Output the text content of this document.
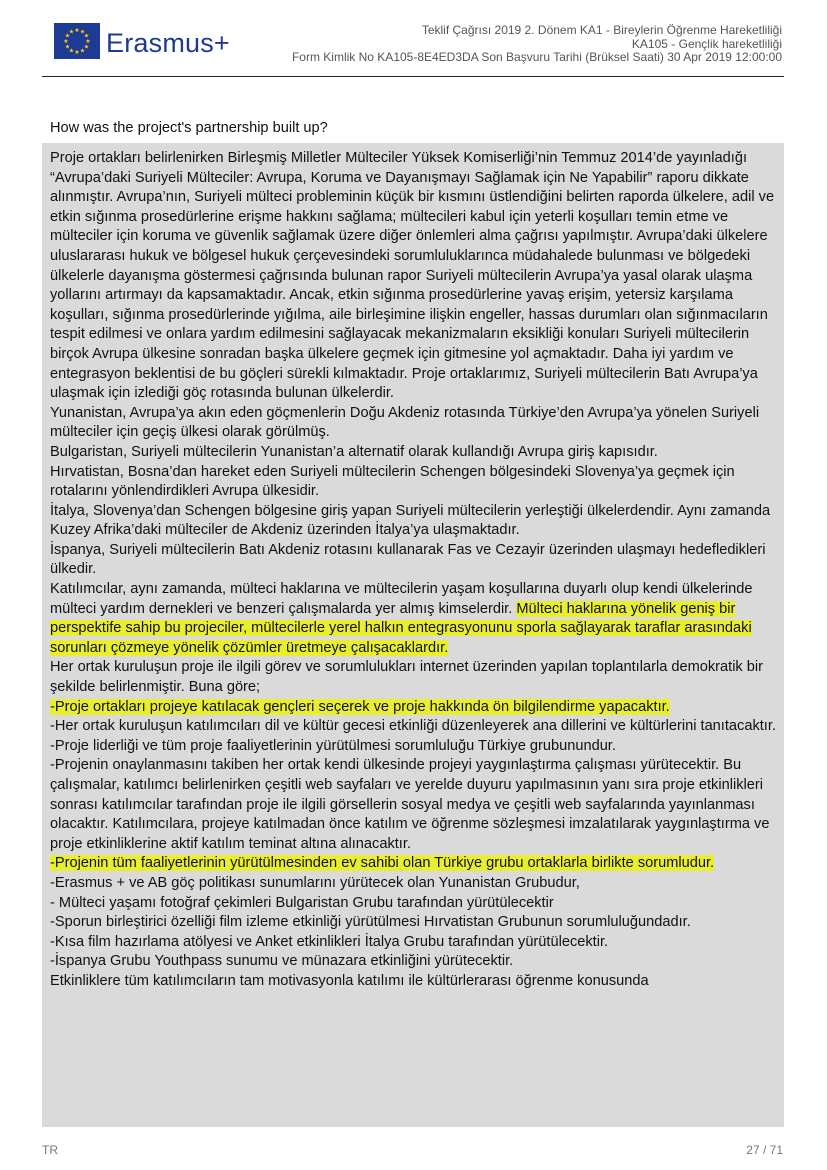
★
★
★
★
★
★
★
★
★ ★ ★
★ Erasmus+	Teklif Çağrısı 2019 2. Dönem KA1 - Bireylerin Öğrenme Hareketliliği
KA105 - Gençlik hareketliliği
Form Kimlik No KA105-8E4ED3DA Son Başvuru Tarihi (Brüksel Saati) 30 Apr 2019 12:00:00
How was the project's partnership built up?
Proje ortakları belirlenirken Birleşmiş Milletler Mülteciler Yüksek Komiserliği’nin Temmuz 2014’de yayınladığı “Avrupa’daki Suriyeli Mülteciler: Avrupa, Koruma ve Dayanışmayı Sağlamak için Ne Yapabilir” raporu dikkate alınmıştır. Avrupa’nın, Suriyeli mülteci probleminin küçük bir kısmını üstlendiğini belirten raporda ülkelere, adil ve etkin sığınma prosedürlerine erişme hakkını sağlama; mültecileri kabul için yeterli koşulları temin etme ve mülteciler için koruma ve güvenlik sağlamak üzere diğer önlemleri alma çağrısı yapılmıştır. Avrupa’daki ülkelere uluslararası hukuk ve bölgesel hukuk çerçevesindeki sorumluluklarınca müdahalede bulunması ve bölgedeki ülkelerle dayanışma göstermesi çağrısında bulunan rapor Suriyeli mültecilerin Avrupa’ya yasal olarak ulaşma yollarını artırmayı da kapsamaktadır. Ancak, etkin sığınma prosedürlerine yavaş erişim, yetersiz karşılama koşulları, sığınma prosedürlerinde yığılma, aile birleşimine ilişkin engeller, hassas durumları olan sığınmacıların tespit edilmesi ve onlara yardım edilmesini sağlayacak mekanizmaların eksikliği konuları Suriyeli mültecilerin birçok Avrupa ülkesine sonradan başka ülkelere geçmek için gitmesine yol açmaktadır. Daha iyi yardım ve entegrasyon beklentisi de bu göçleri sürekli kılmaktadır. Proje ortaklarımız, Suriyeli mültecilerin Batı Avrupa’ya ulaşmak için izlediği göç rotasında bulunan ülkelerdir.
Yunanistan, Avrupa’ya akın eden göçmenlerin Doğu Akdeniz rotasında Türkiye’den Avrupa’ya yönelen Suriyeli mülteciler için geçiş ülkesi olarak görülmüş.
Bulgaristan, Suriyeli mültecilerin Yunanistan’a alternatif olarak kullandığı Avrupa giriş kapısıdır.
Hırvatistan, Bosna’dan hareket eden Suriyeli mültecilerin Schengen bölgesindeki Slovenya’ya geçmek için rotalarını yönlendirdikleri Avrupa ülkesidir.
İtalya, Slovenya’dan Schengen bölgesine giriş yapan Suriyeli mültecilerin yerleştiği ülkelerdendir. Aynı zamanda Kuzey Afrika’daki mülteciler de Akdeniz üzerinden İtalya’ya ulaşmaktadır.
İspanya, Suriyeli mültecilerin Batı Akdeniz rotasını kullanarak Fas ve Cezayir üzerinden ulaşmayı hedefledikleri ülkedir.
Katılımcılar, aynı zamanda, mülteci haklarına ve mültecilerin yaşam koşullarına duyarlı olup kendi ülkelerinde mülteci yardım dernekleri ve benzeri çalışmalarda yer almış kimselerdir. Mülteci haklarına yönelik geniş bir perspektife sahip bu projeciler, mültecilerle yerel halkın entegrasyonunu sporla sağlayarak taraflar arasındaki sorunları çözmeye yönelik çözümler üretmeye çalışacaklardır.
Her ortak kuruluşun proje ile ilgili görev ve sorumlulukları internet üzerinden yapılan toplantılarla demokratik bir şekilde belirlenmiştir. Buna göre;
-Proje ortakları projeye katılacak gençleri seçerek ve proje hakkında ön bilgilendirme yapacaktır.
-Her ortak kuruluşun katılımcıları dil ve kültür gecesi etkinliği düzenleyerek ana dillerini ve kültürlerini tanıtacaktır.
-Proje liderliği ve tüm proje faaliyetlerinin yürütülmesi sorumluluğu Türkiye grubunundur.
-Projenin onaylanmasını takiben her ortak kendi ülkesinde projeyi yaygınlaştırma çalışması yürütecektir. Bu çalışmalar, katılımcı belirlenirken çeşitli web sayfaları ve yerelde duyuru yapılmasının yanı sıra proje etkinlikleri sonrası katılımcılar tarafından proje ile ilgili görsellerin sosyal medya ve çeşitli web sayfalarında yayınlanması olacaktır. Katılımcılara, projeye katılmadan önce katılım ve öğrenme sözleşmesi imzalatılarak yaygınlaştırma ve proje etkinliklerine aktif katılım teminat altına alınacaktır.
-Projenin tüm faaliyetlerinin yürütülmesinden ev sahibi olan Türkiye grubu ortaklarla birlikte sorumludur.
-Erasmus + ve AB göç politikası sunumlarını yürütecek olan Yunanistan Grubudur,
- Mülteci yaşamı fotoğraf çekimleri Bulgaristan Grubu tarafından yürütülecektir
-Sporun birleştirici özelliği film izleme etkinliği yürütülmesi Hırvatistan Grubunun sorumluluğundadır.
-Kısa film hazırlama atölyesi ve Anket etkinlikleri İtalya Grubu tarafından yürütülecektir.
-İspanya Grubu Youthpass sunumu ve münazara etkinliğini yürütecektir.
Etkinliklere tüm katılımcıların tam motivasyonla katılımı ile kültürlerarası öğrenme konusunda
TR	27 / 71
